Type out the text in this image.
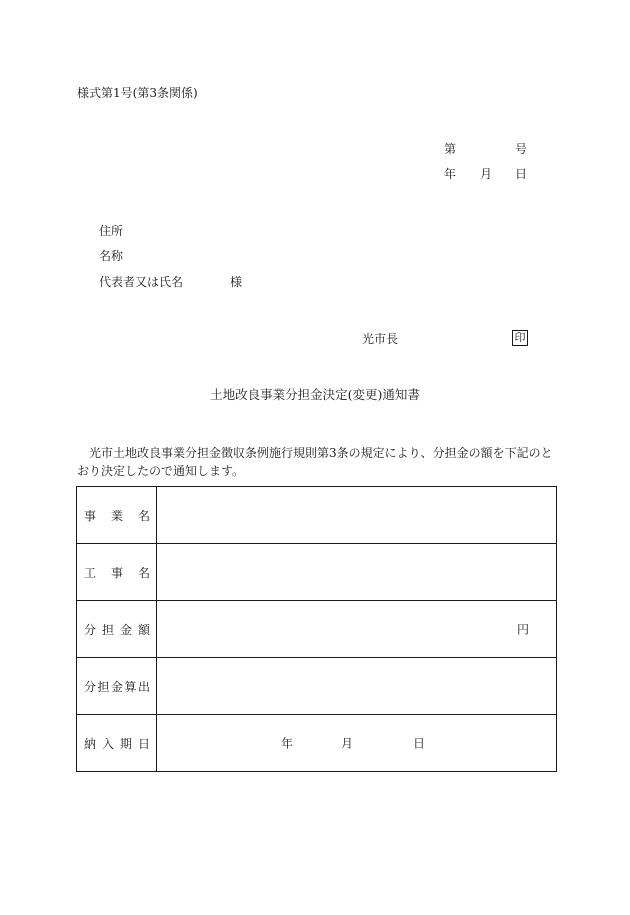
様式第1号(第3条関係)
第	号
年 月 日
住所
名称
代表者又は氏名	様
光市長	印
土地改良事業分担金決定(変更)通知書
光市土地改良事業分担金徴収条例施行規則第3条の規定により、分担金の額を下記のとおり決定したので通知します。
事業名	
工事名	
分担金額	円

分担金算出	
納入期日	年 月 日
